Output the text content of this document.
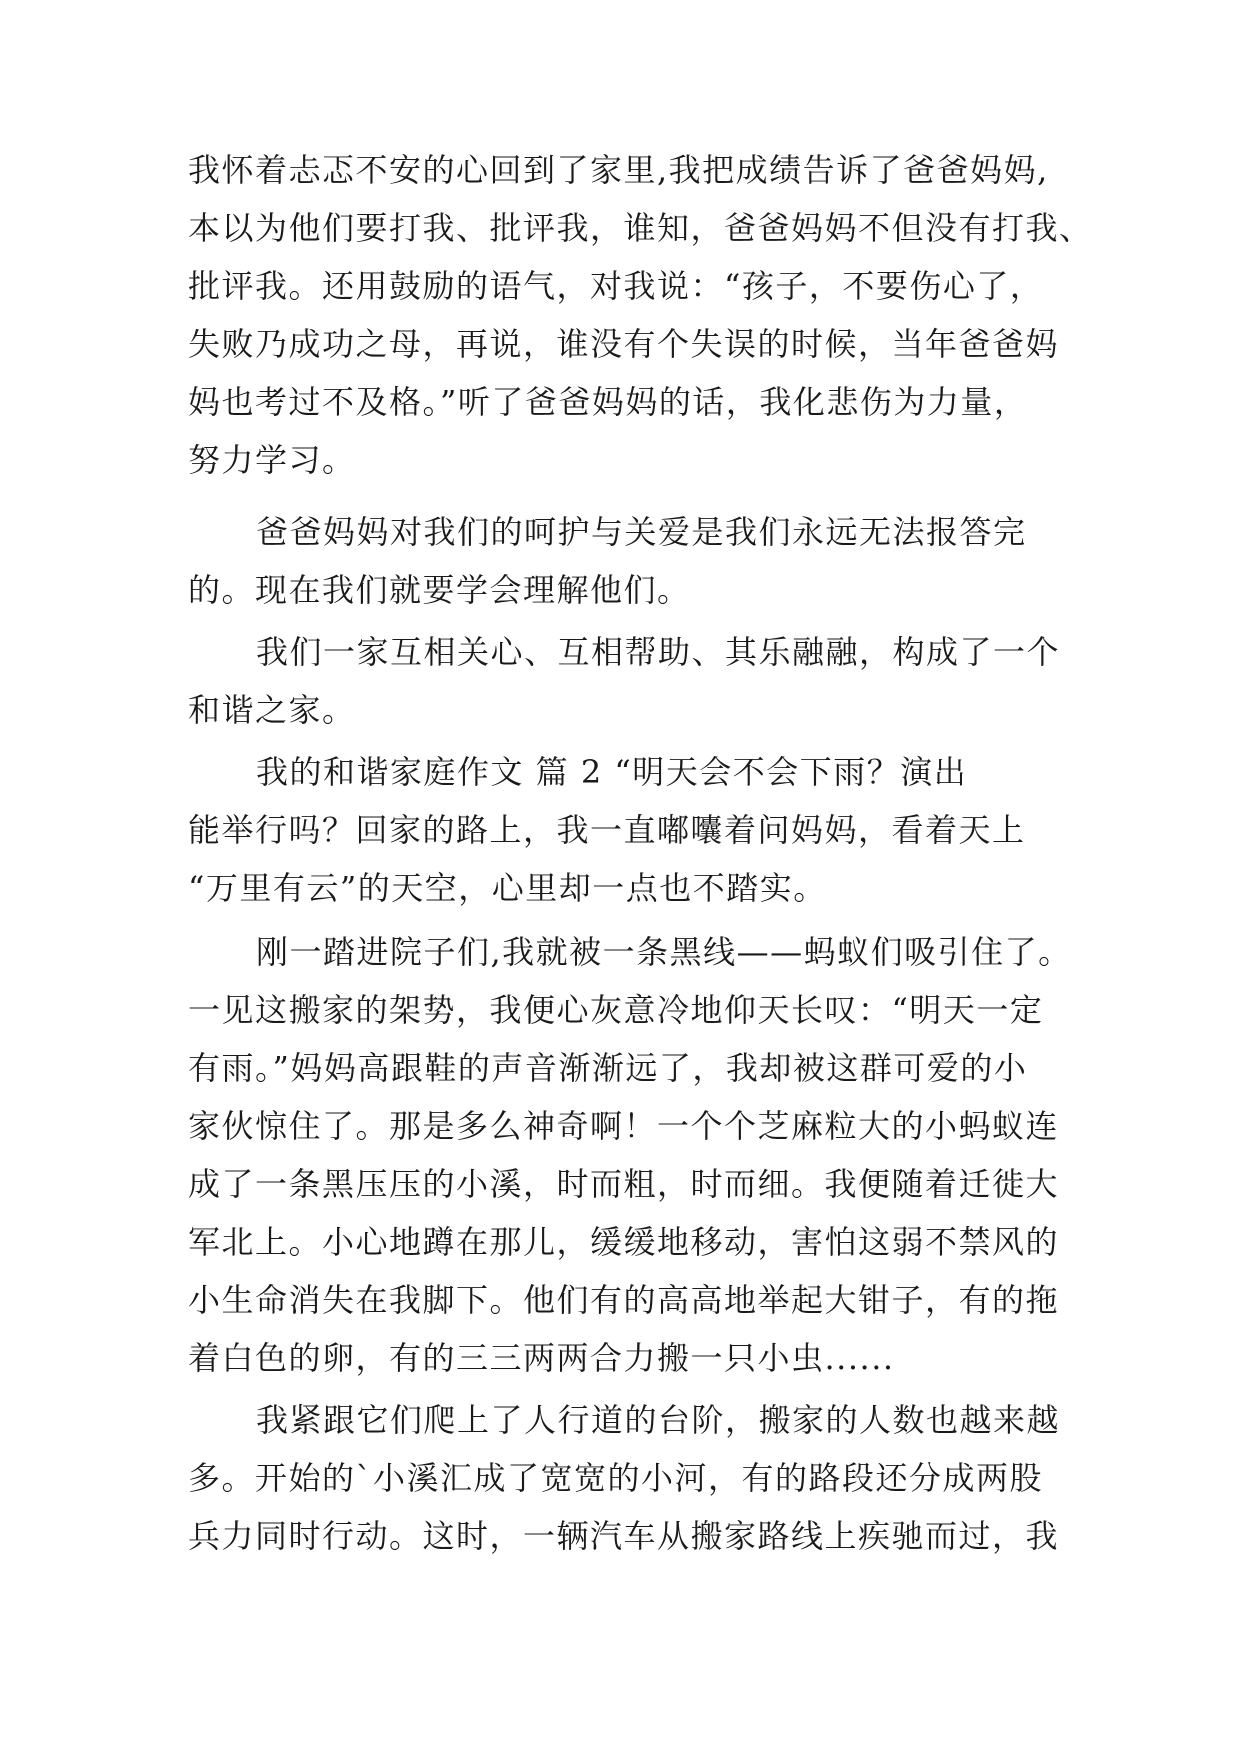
我怀着忐忑不安的心回到了家里,我把成绩告诉了爸爸妈妈,
本以为他们要打我、批评我，谁知，爸爸妈妈不但没有打我、
批评我。还用鼓励的语气，对我说：“孩子，不要伤心了，
失败乃成功之母，再说，谁没有个失误的时候，当年爸爸妈
妈也考过不及格。”听了爸爸妈妈的话，我化悲伤为力量，
努力学习。
爸爸妈妈对我们的呵护与关爱是我们永远无法报答完
的。现在我们就要学会理解他们。
我们一家互相关心、互相帮助、其乐融融，构成了一个
和谐之家。
我的和谐家庭作文 篇 2 “明天会不会下雨？演出
能举行吗？回家的路上，我一直嘟囔着问妈妈，看着天上
“万里有云”的天空，心里却一点也不踏实。
刚一踏进院子们,我就被一条黑线——蚂蚁们吸引住了。
一见这搬家的架势，我便心灰意冷地仰天长叹：“明天一定
有雨。”妈妈高跟鞋的声音渐渐远了，我却被这群可爱的小
家伙惊住了。那是多么神奇啊！一个个芝麻粒大的小蚂蚁连
成了一条黑压压的小溪，时而粗，时而细。我便随着迁徙大
军北上。小心地蹲在那儿，缓缓地移动，害怕这弱不禁风的
小生命消失在我脚下。他们有的高高地举起大钳子，有的拖
着白色的卵，有的三三两两合力搬一只小虫......
我紧跟它们爬上了人行道的台阶，搬家的人数也越来越
多。开始的`小溪汇成了宽宽的小河，有的路段还分成两股
兵力同时行动。这时，一辆汽车从搬家路线上疾驰而过，我
